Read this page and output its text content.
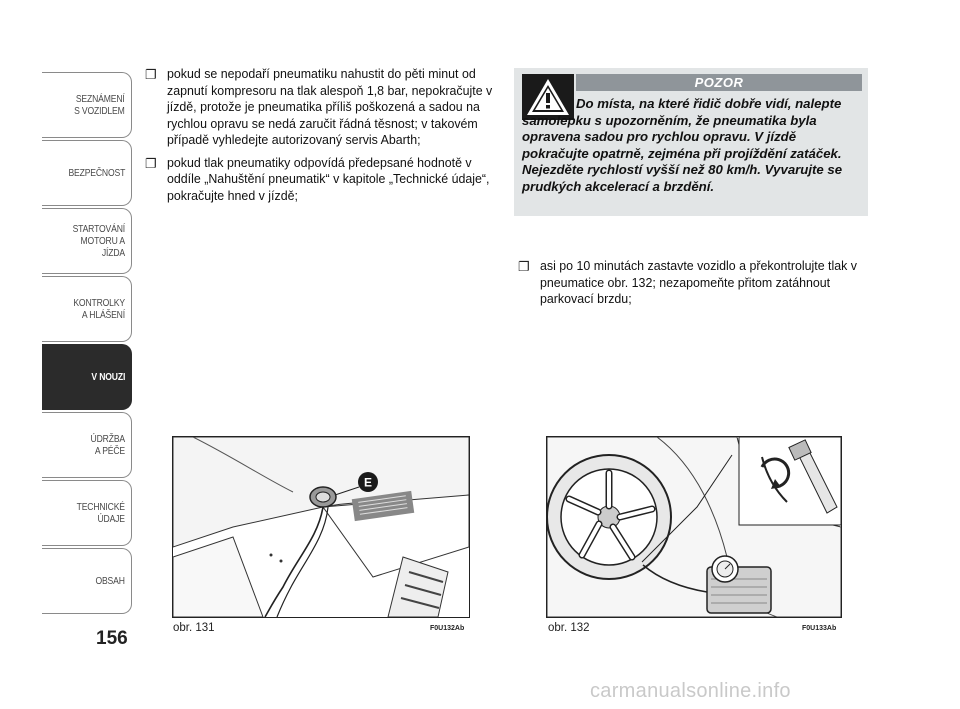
SEZNÁMENÍ
S VOZIDLEM
BEZPEČNOST
STARTOVÁNÍ
MOTORU A JÍZDA
KONTROLKY
A HLÁŠENÍ
V NOUZI
ÚDRŽBA
A PÉČE
TECHNICKÉ
ÚDAJE
OBSAH
156
❐ pokud se nepodaří pneumatiku nahustit do pěti minut od zapnutí kompresoru na tlak alespoň 1,8 bar, nepokračujte v jízdě, protože je pneumatika příliš poškozená a sadou na rychlou opravu se nedá zaručit řádná těsnost; v takovém případě vyhledejte autorizovaný servis Abarth;
❐ pokud tlak pneumatiky odpovídá předepsané hodnotě v oddíle „Nahuštění pneumatik“ v kapitole „Technické údaje“, pokračujte hned v jízdě;
POZOR
Do místa, na které řidič dobře vidí, nalepte samolepku s upozorněním, že pneumatika byla opravena sadou pro rychlou opravu. V jízdě pokračujte opatrně, zejména při projíždění zatáček. Nejezděte rychlostí vyšší než 80 km/h. Vyvarujte se prudkých akcelerací a brzdění.
❐ asi po 10 minutách zastavte vozidlo a překontrolujte tlak v pneumatice obr. 132; nezapomeňte přitom zatáhnout parkovací brzdu;
E
obr. 131	F0U132Ab	obr. 132	F0U133Ab
carmanualsonline.info
